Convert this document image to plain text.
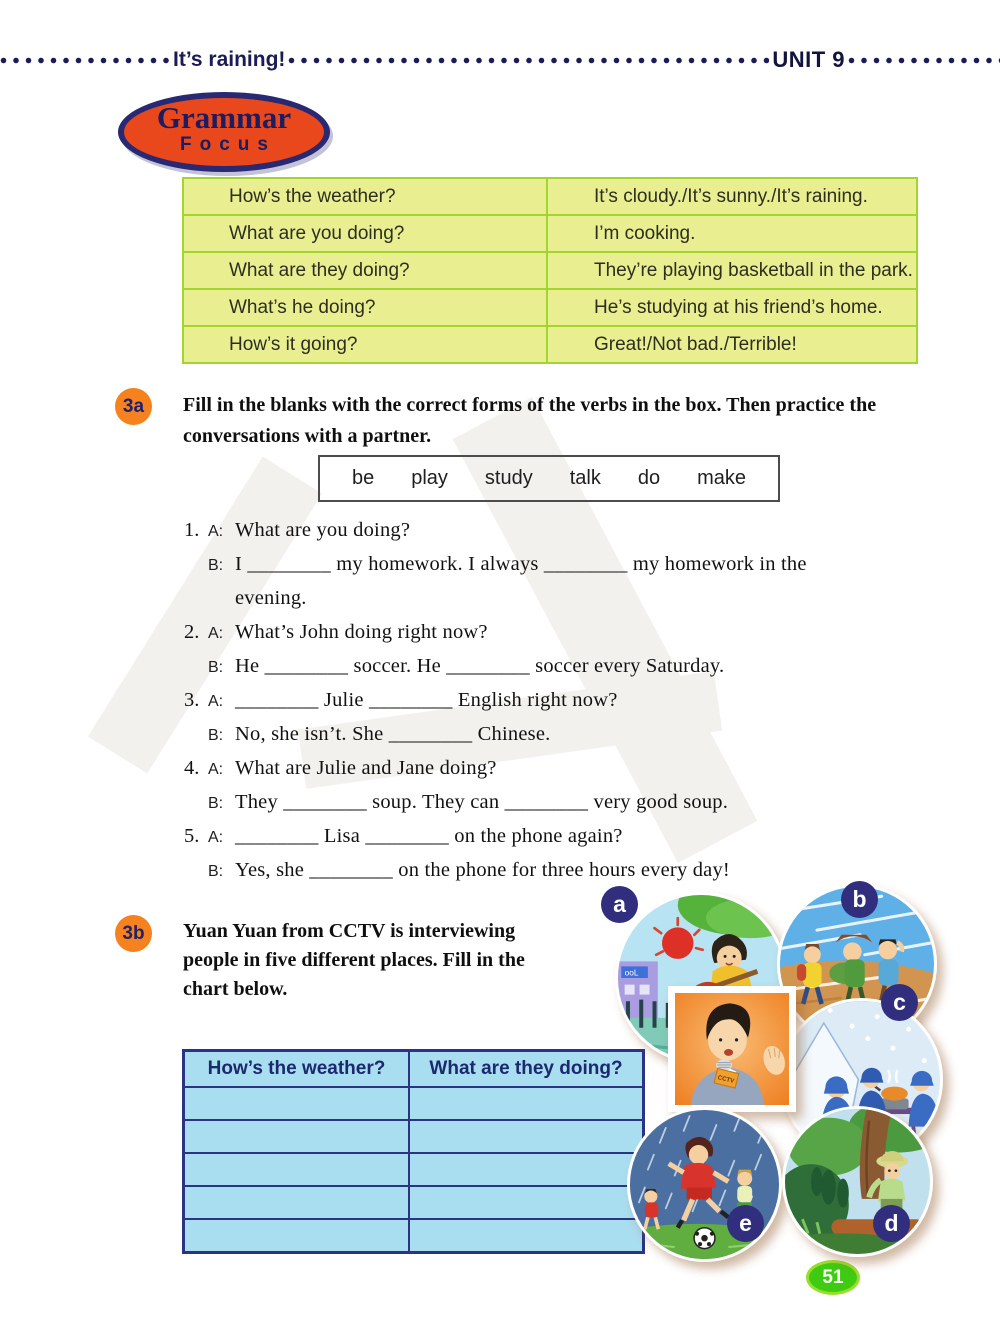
It’s raining!	UNIT 9
Grammar
Focus
How’s the weather?	It’s cloudy./It’s sunny./It’s raining.
What are you doing?	I’m cooking.
What are they doing?	They’re playing basketball in the park.
What’s he doing?	He’s studying at his friend’s home.
How’s it going?	Great!/Not bad./Terrible!
3a	Fill in the blanks with the correct forms of the verbs in the box. Then practice the conversations with a partner.
be play study talk do make
1. A: What are you doing?
B: I ________ my homework. I always ________ my homework in the
evening.
2. A: What’s John doing right now?
B: He ________ soccer. He ________ soccer every Saturday.
3. A: ________ Julie ________ English right now?
B: No, she isn’t. She ________ Chinese.
4. A: What are Julie and Jane doing?
B: They ________ soup. They can ________ very good soup.
5. A: ________ Lisa ________ on the phone again?
B: Yes, she ________ on the phone for three hours every day!
3b	Yuan Yuan from CCTV is interviewing people in five different places. Fill in the chart below.
How’s the weather?	What are they doing?

ooL
CCTV
a	b
c
e	d
51
